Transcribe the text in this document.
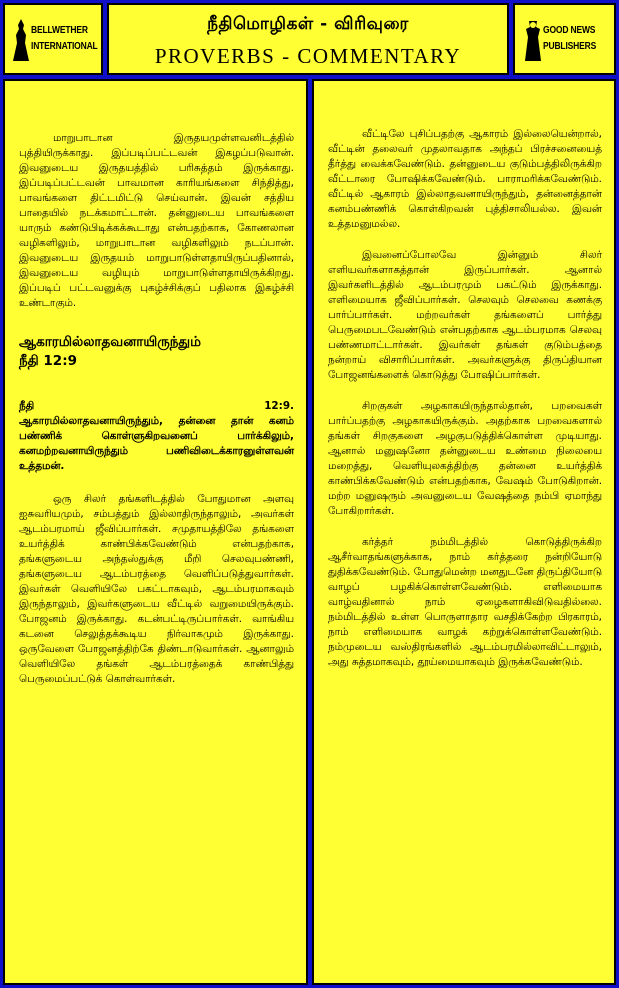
BELLWETHER
INTERNATIONAL
நீதிமொழிகள் - விரிவுரை
PROVERBS - COMMENTARY
GOOD NEWS
PUBLISHERS

மாறுபாடான இருதயமுள்ளவனிடத்தில் புத்தியிருக்காது. இப்படிப்பட்டவன் இகழப்படுவான். இவனுடைய இருதயத்தில் பரிசுத்தம் இருக்காது. இப்படிப்பட்டவன் பாவமான காரியங்களை சிந்தித்து, பாவங்களை திட்டமிட்டு செய்வான். இவன் சத்திய பாதையில் நடக்கமாட்டான். தன்னுடைய பாவங்களை யாரும் கண்டுபிடிக்கக்கூடாது என்பதற்காக, கோணலான வழிகளிலும், மாறுபாடான வழிகளிலும் நடப்பான். இவனுடைய இருதயம் மாறுபாடுள்ளதாயிருப்பதினால், இவனுடைய வழியும் மாறுபாடுள்ளதாயிருக்கிறது. இப்படிப் பட்டவனுக்கு புகழ்ச்சிக்குப் பதிலாக இகழ்ச்சி உண்டாகும்.

ஆகாரமில்லாதவனாயிருந்தும்
நீதி 12:9

நீதி	12:9.
ஆகாரமில்லாதவனாயிருந்தும், தன்னை தான் கனம் பண்ணிக் கொள்ளுகிறவனைப் பார்க்கிலும், கனமற்றவனாயிருந்தும் பணிவிடைக்காரனுள்ளவன் உத்தமன்.

ஒரு சிலர் தங்களிடத்தில் போதுமான அளவு ஐசுவரியமும், சம்பத்தும் இல்லாதிருந்தாலும், அவர்கள் ஆடம்பரமாய் ஜீவிப்பார்கள். சமுதாயத்திலே தங்களை உயர்த்திக் காண்பிக்கவேண்டும் என்பதற்காக, தங்களுடைய அந்தஸ்துக்கு மீறி செலவுபண்ணி, தங்களுடைய ஆடம்பரத்தை வெளிப்படுத்துவார்கள். இவர்கள் வெளியிலே பகட்டாகவும், ஆடம்பரமாகவும் இருந்தாலும், இவர்களுடைய வீட்டில் வறுமையிருக்கும். போஜனம் இருக்காது. கடன்பட்டிருப்பார்கள். வாங்கிய கடனை செலுத்தக்கூடிய நிர்வாகமும் இருக்காது. ஒருவேளை போஜனத்திற்கே திண்டாடுவார்கள். ஆனாலும் வெளியிலே தங்கள் ஆடம்பரத்தைக் காண்பித்து பெருமைப்பட்டுக் கொள்வார்கள்.

வீட்டிலே புசிப்பதற்கு ஆகாரம் இல்லையென்றால், வீட்டின் தலைவர் முதலாவதாக அந்தப் பிரச்சனையைத் தீர்த்து வைக்கவேண்டும். தன்னுடைய குடும்பத்திலிருக்கிற வீட்டாரை போஷிக்கவேண்டும். பாராமரிக்கவேண்டும். வீட்டில் ஆகாரம் இல்லாதவனாயிருந்தும், தன்னைத்தான் கனம்பண்ணிக் கொள்கிறவன் புத்திசாலியல்ல. இவன் உத்தமனுமல்ல.

இவனைப்போலவே இன்னும் சிலர் எளியவர்களாகத்தான் இருப்பார்கள். ஆனால் இவர்களிடத்தில் ஆடம்பரமும் பகட்டும் இருக்காது. எளிமையாக ஜீவிப்பார்கள். செலவும் செலவை கணக்கு பார்ப்பார்கள். மற்றவர்கள் தங்களைப் பார்த்து பெருமைபடவேண்டும் என்பதற்காக ஆடம்பரமாக செலவு பண்ணமாட்டார்கள். இவர்கள் தங்கள் குடும்பத்தை நன்றாய் விசாரிப்பார்கள். அவர்களுக்கு திருப்தியான போஜனங்களைக் கொடுத்து போஷிப்பார்கள்.

சிறகுகள் அழகாகயிருந்தால்தான், பறவைகள் பார்ப்பதற்கு அழகாகயிருக்கும். அதற்காக பறவைகளால் தங்கள் சிறகுகளை அழகுபடுத்திக்கொள்ள முடியாது. ஆனால் மனுஷனோ தன்னுடைய உண்மை நிலையை மறைத்து, வெளியுலகத்திற்கு தன்னை உயர்த்திக் காண்பிக்கவேண்டும் என்பதற்காக, வேஷம் போடுகிறான். மற்ற மனுஷரும் அவனுடைய வேஷத்தை நம்பி ஏமாந்து போகிறார்கள்.

கர்த்தர் நம்மிடத்தில் கொடுத்திருக்கிற ஆசீர்வாதங்களுக்காக, நாம் கர்த்தரை நன்றியோடு துதிக்கவேண்டும். போதுமென்ற மனதுடனே திருப்தியோடு வாழப் பழகிக்கொள்ளவேண்டும். எளிமையாக வாழ்வதினால் நாம் ஏழைகளாகிவிடுவதில்லை. நம்மிடத்தில் உள்ள பொருளாதார வசதிக்கேற்ற பிரகாரம், நாம் எளிமையாக வாழக் கற்றுக்கொள்ளவேண்டும். நம்முடைய வஸ்திரங்களில் ஆடம்பரமில்லாவிட்டாலும், அது சுத்தமாகவும், தூய்மையாகவும் இருக்கவேண்டும்.
